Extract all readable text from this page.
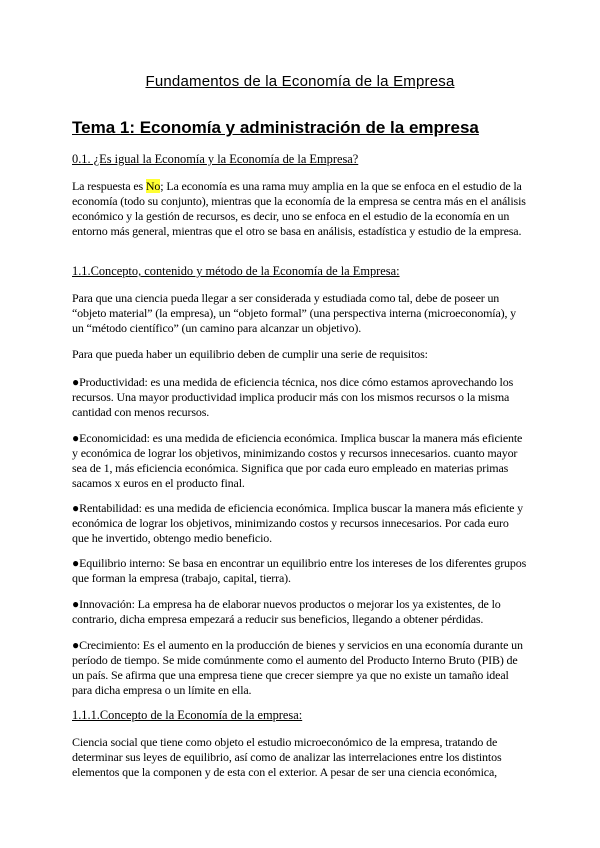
Fundamentos de la Economía de la Empresa
Tema 1: Economía y administración de la empresa
0.1. ¿Es igual la Economía y la Economía de la Empresa?
La respuesta es No; La economía es una rama muy amplia en la que se enfoca en el estudio de la economía (todo su conjunto), mientras que la economía de la empresa se centra más en el análisis económico y la gestión de recursos, es decir, uno se enfoca en el estudio de la economía en un entorno más general, mientras que el otro se basa en análisis, estadística y estudio de la empresa.
1.1.Concepto, contenido y método de la Economía de la Empresa:
Para que una ciencia pueda llegar a ser considerada y estudiada como tal, debe de poseer un “objeto material” (la empresa), un “objeto formal” (una perspectiva interna (microeconomía), y un “método científico” (un camino para alcanzar un objetivo).
Para que pueda haber un equilibrio deben de cumplir una serie de requisitos:
●Productividad: es una medida de eficiencia técnica, nos dice cómo estamos aprovechando los recursos. Una mayor productividad implica producir más con los mismos recursos o la misma cantidad con menos recursos.
●Economicidad: es una medida de eficiencia económica. Implica buscar la manera más eficiente y económica de lograr los objetivos, minimizando costos y recursos innecesarios. cuanto mayor sea de 1, más eficiencia económica. Significa que por cada euro empleado en materias primas sacamos x euros en el producto final.
●Rentabilidad: es una medida de eficiencia económica. Implica buscar la manera más eficiente y económica de lograr los objetivos, minimizando costos y recursos innecesarios. Por cada euro que he invertido, obtengo medio beneficio.
●Equilibrio interno: Se basa en encontrar un equilibrio entre los intereses de los diferentes grupos que forman la empresa (trabajo, capital, tierra).
●Innovación: La empresa ha de elaborar nuevos productos o mejorar los ya existentes, de lo contrario, dicha empresa empezará a reducir sus beneficios, llegando a obtener pérdidas.
●Crecimiento: Es el aumento en la producción de bienes y servicios en una economía durante un período de tiempo. Se mide comúnmente como el aumento del Producto Interno Bruto (PIB) de un país. Se afirma que una empresa tiene que crecer siempre ya que no existe un tamaño ideal para dicha empresa o un límite en ella.
1.1.1.Concepto de la Economía de la empresa:
Ciencia social que tiene como objeto el estudio microeconómico de la empresa, tratando de determinar sus leyes de equilibrio, así como de analizar las interrelaciones entre los distintos elementos que la componen y de esta con el exterior. A pesar de ser una ciencia económica,
